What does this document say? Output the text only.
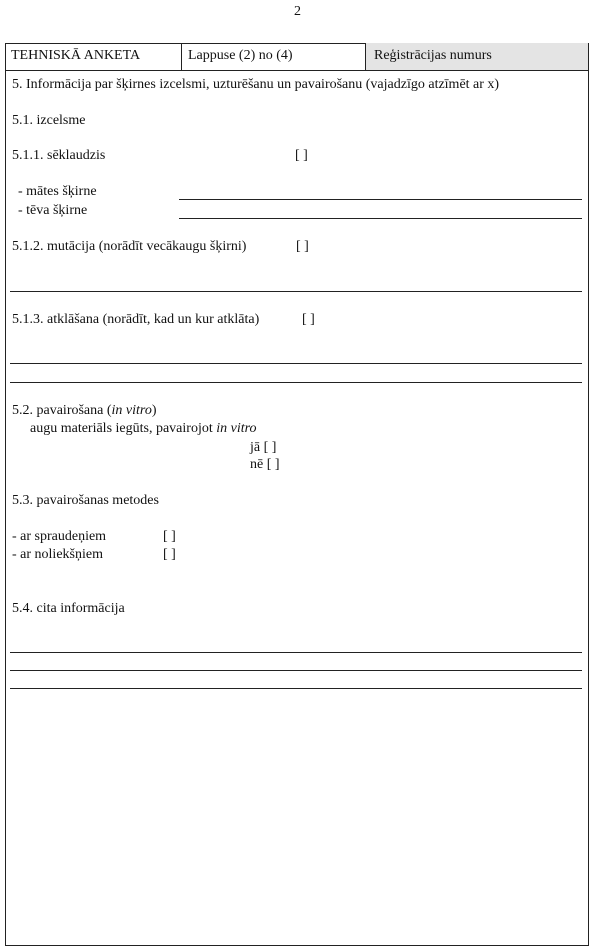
2
TEHNISKĀ ANKETA	Lappuse (2) no (4)	Reģistrācijas numurs
5. Informācija par šķirnes izcelsmi, uzturēšanu un pavairošanu (vajadzīgo atzīmēt ar x)
5.1. izcelsme
5.1.1. sēklaudzis	[ ]
- mātes šķirne
- tēva šķirne
5.1.2. mutācija (norādīt vecākaugu šķirni)	[ ]
5.1.3. atklāšana (norādīt, kad un kur atklāta)	[ ]
5.2. pavairošana (in vitro)
augu materiāls iegūts, pavairojot in vitro
jā [ ]
nē [ ]
5.3. pavairošanas metodes
- ar spraudeņiem	[ ]
- ar noliekšņiem	[ ]
5.4. cita informācija
